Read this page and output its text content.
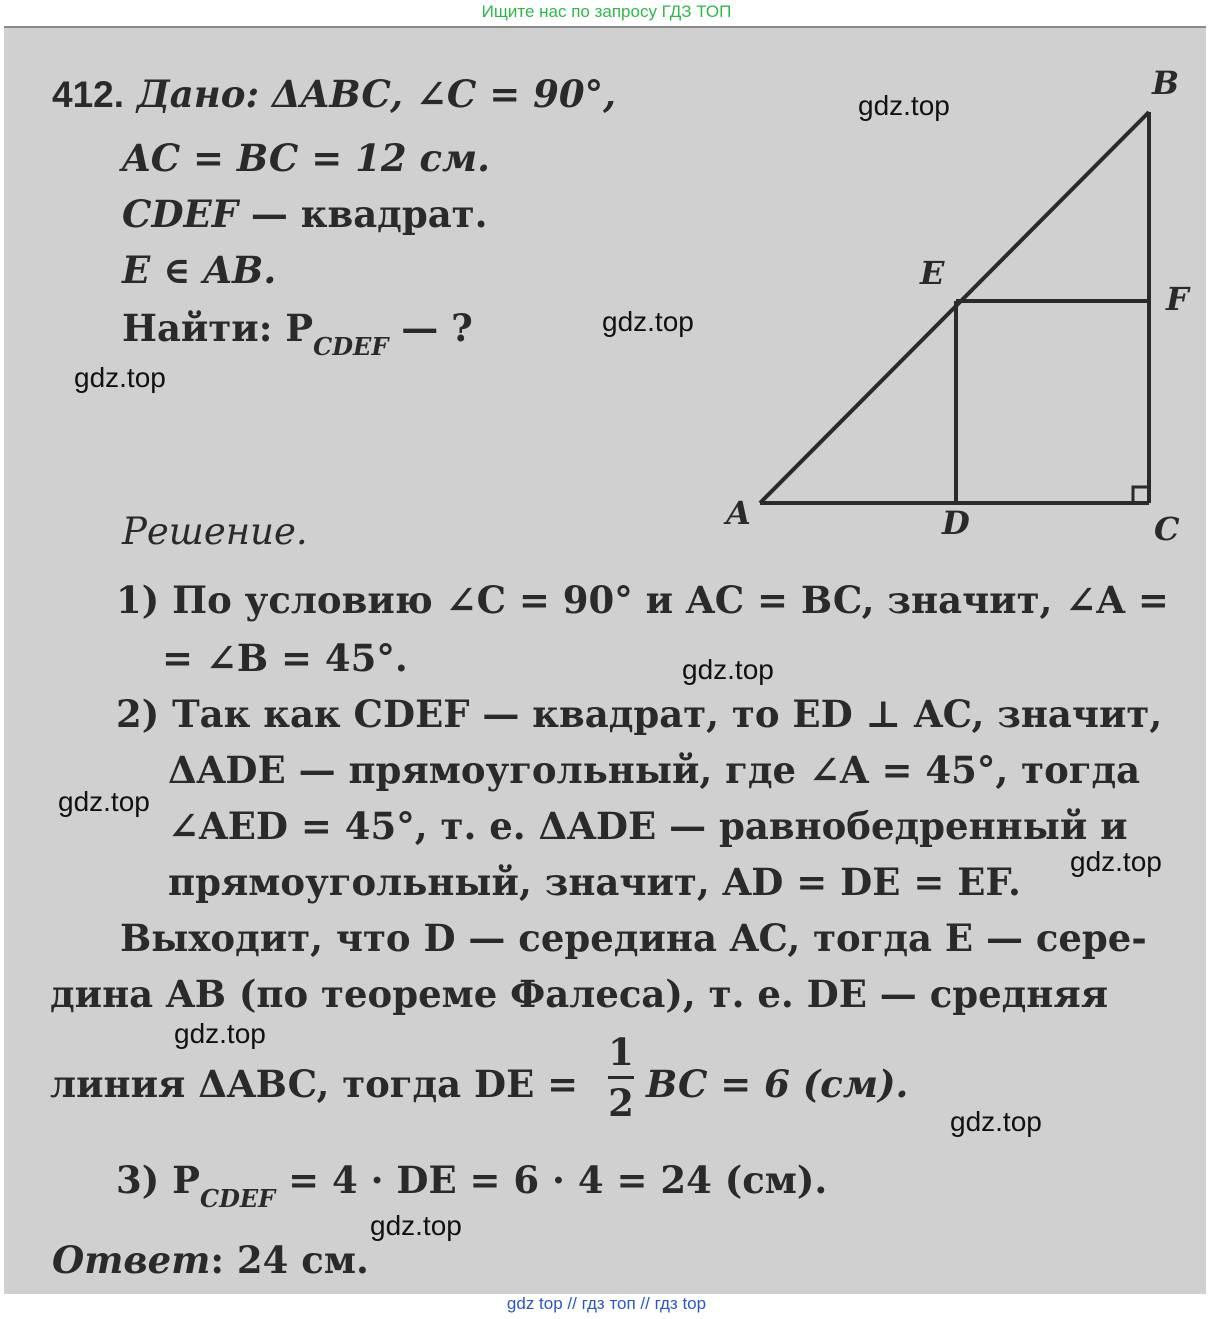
Ищите нас по запросу ГДЗ ТОП
412. Дано: ΔABC, ∠C = 90°,
AC = BC = 12 см.
CDEF — квадрат.
E ∈ AB.
Найти: $P_{CDEF}$ — ?
A
B
C
D
E
F
Решение.
1) По условию ∠C = 90° и AC = BC, значит, ∠A =
= ∠B = 45°.
2) Так как CDEF — квадрат, то ED ⊥ AC, значит,
ΔADE — прямоугольный, где ∠A = 45°, тогда
∠AED = 45°, т. е. ΔADE — равнобедренный и
прямоугольный, значит, AD = DE = EF.
Выходит, что D — середина AC, тогда E — сере-
дина AB (по теореме Фалеса), т. е. DE — средняя
линия ΔABC, тогда DE =
1
2 BC = 6 (см).
3) $P_{CDEF} = 4$ · DE = 6 · 4 = 24 (см).
Ответ: 24 см.
gdz.top
gdz.top
gdz.top
gdz.top
gdz.top
gdz.top
gdz.top
gdz.top
gdz.top
gdz top // гдз топ // гдз top
